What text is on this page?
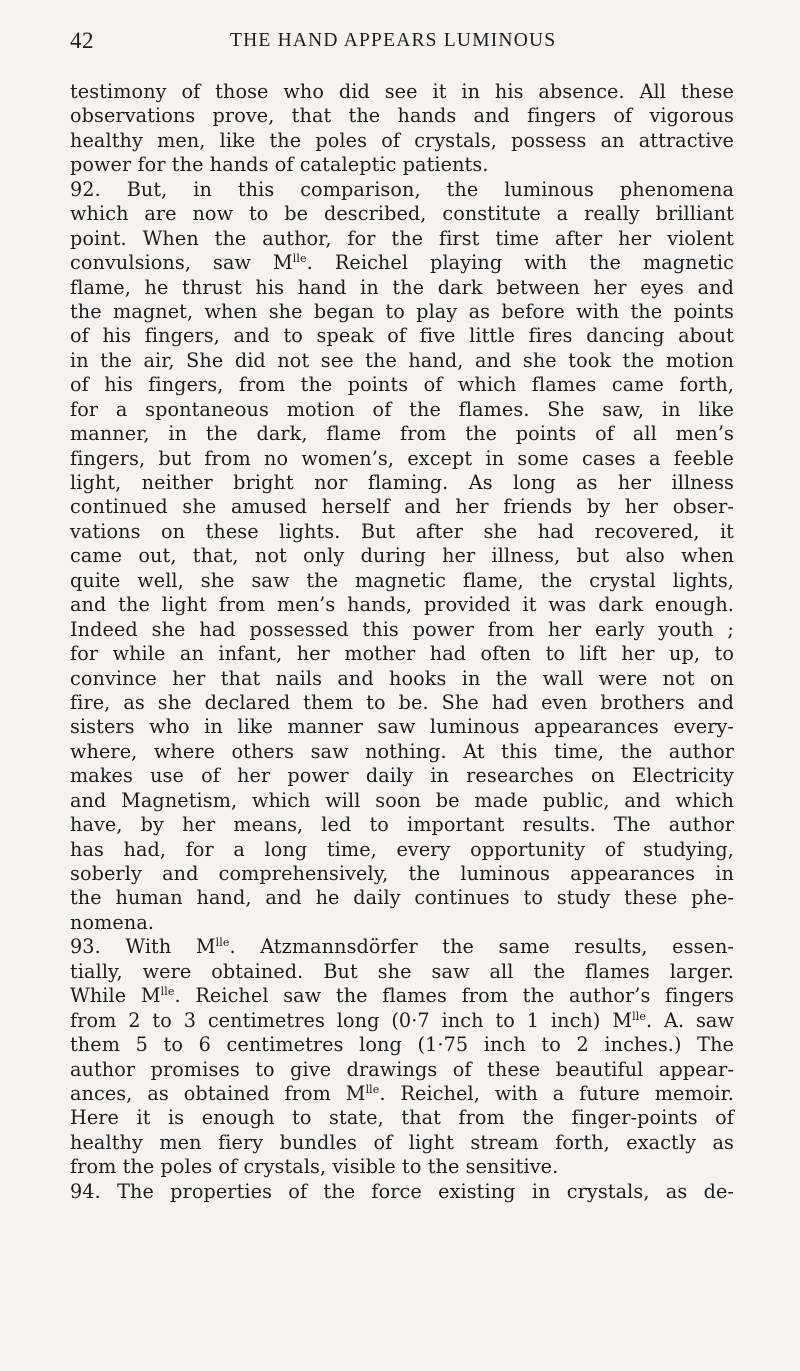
42	THE HAND APPEARS LUMINOUS
testimony of those who did see it in his absence. All these
observations prove, that the hands and fingers of vigorous
healthy men, like the poles of crystals, possess an attractive
power for the hands of cataleptic patients.
92. But, in this comparison, the luminous phenomena
which are now to be described, constitute a really brilliant
point. When the author, for the first time after her violent
convulsions, saw $M^{lle}$. Reichel playing with the magnetic
flame, he thrust his hand in the dark between her eyes and
the magnet, when she began to play as before with the points
of his fingers, and to speak of five little fires dancing about
in the air, She did not see the hand, and she took the motion
of his fingers, from the points of which flames came forth,
for a spontaneous motion of the flames. She saw, in like
manner, in the dark, flame from the points of all men’s
fingers, but from no women’s, except in some cases a feeble
light, neither bright nor flaming. As long as her illness
continued she amused herself and her friends by her obser-
vations on these lights. But after she had recovered, it
came out, that, not only during her illness, but also when
quite well, she saw the magnetic flame, the crystal lights,
and the light from men’s hands, provided it was dark enough.
Indeed she had possessed this power from her early youth ;
for while an infant, her mother had often to lift her up, to
convince her that nails and hooks in the wall were not on
fire, as she declared them to be. She had even brothers and
sisters who in like manner saw luminous appearances every-
where, where others saw nothing. At this time, the author
makes use of her power daily in researches on Electricity
and Magnetism, which will soon be made public, and which
have, by her means, led to important results. The author
has had, for a long time, every opportunity of studying,
soberly and comprehensively, the luminous appearances in
the human hand, and he daily continues to study these phe-
nomena.
93. With $M^{lle}$. Atzmannsdörfer the same results, essen-
tially, were obtained. But she saw all the flames larger.
While $M^{lle}$. Reichel saw the flames from the author’s fingers
from 2 to 3 centimetres long (0·7 inch to 1 inch) $M^{lle}$. A. saw
them 5 to 6 centimetres long (1·75 inch to 2 inches.) The
author promises to give drawings of these beautiful appear-
ances, as obtained from $M^{lle}$. Reichel, with a future memoir.
Here it is enough to state, that from the finger-points of
healthy men fiery bundles of light stream forth, exactly as
from the poles of crystals, visible to the sensitive.
94. The properties of the force existing in crystals, as de-
